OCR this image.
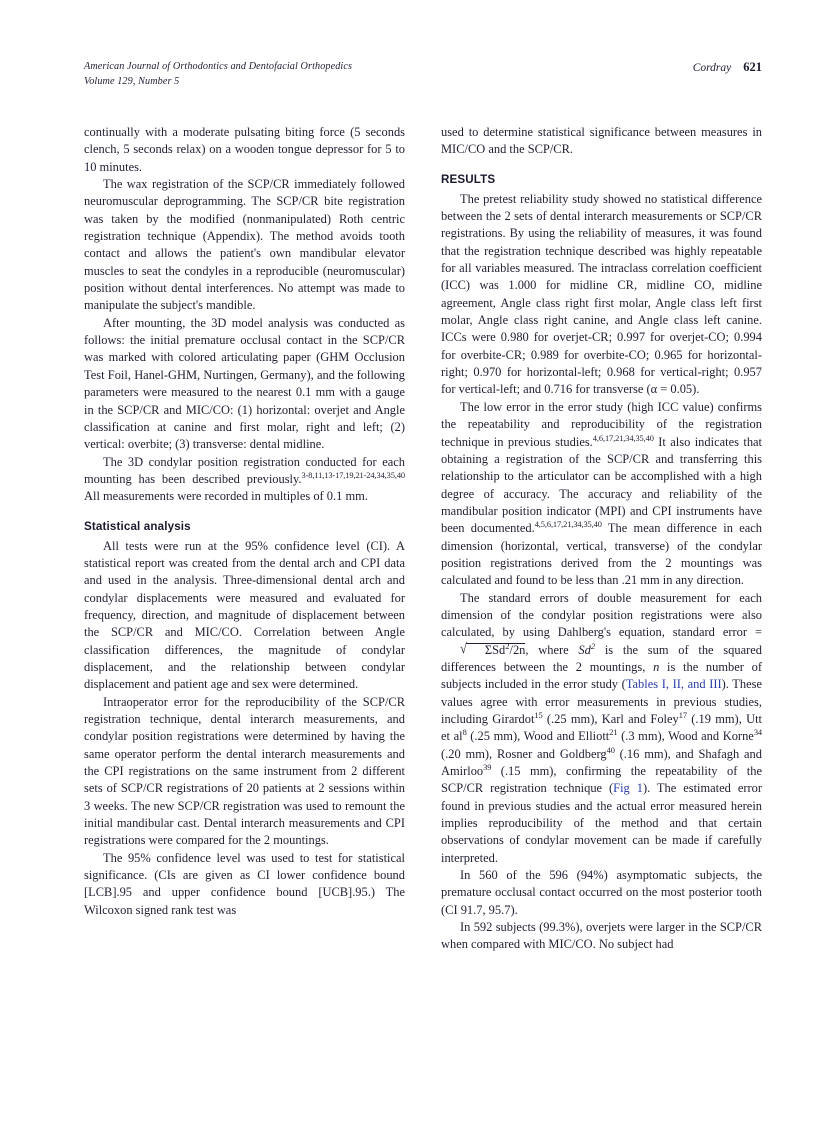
American Journal of Orthodontics and Dentofacial Orthopedics
Volume 129, Number 5
Cordray 621

continually with a moderate pulsating biting force (5 seconds clench, 5 seconds relax) on a wooden tongue depressor for 5 to 10 minutes.

The wax registration of the SCP/CR immediately followed neuromuscular deprogramming. The SCP/CR bite registration was taken by the modified (nonmanipulated) Roth centric registration technique (Appendix). The method avoids tooth contact and allows the patient's own mandibular elevator muscles to seat the condyles in a reproducible (neuromuscular) position without dental interferences. No attempt was made to manipulate the subject's mandible.

After mounting, the 3D model analysis was conducted as follows: the initial premature occlusal contact in the SCP/CR was marked with colored articulating paper (GHM Occlusion Test Foil, Hanel-GHM, Nurtingen, Germany), and the following parameters were measured to the nearest 0.1 mm with a gauge in the SCP/CR and MIC/CO: (1) horizontal: overjet and Angle classification at canine and first molar, right and left; (2) vertical: overbite; (3) transverse: dental midline.

The 3D condylar position registration conducted for each mounting has been described previously.$^{3-8,11,13-17,19,21-24,34,35,40}$ All measurements were recorded in multiples of 0.1 mm.

Statistical analysis

All tests were run at the 95% confidence level (CI). A statistical report was created from the dental arch and CPI data and used in the analysis. Three-dimensional dental arch and condylar displacements were measured and evaluated for frequency, direction, and magnitude of displacement between the SCP/CR and MIC/CO. Correlation between Angle classification differences, the magnitude of condylar displacement, and the relationship between condylar displacement and patient age and sex were determined.

Intraoperator error for the reproducibility of the SCP/CR registration technique, dental interarch measurements, and condylar position registrations were determined by having the same operator perform the dental interarch measurements and the CPI registrations on the same instrument from 2 different sets of SCP/CR registrations of 20 patients at 2 sessions within 3 weeks. The new SCP/CR registration was used to remount the initial mandibular cast. Dental interarch measurements and CPI registrations were compared for the 2 mountings.

The 95% confidence level was used to test for statistical significance. (CIs are given as CI lower confidence bound [LCB].95 and upper confidence bound [UCB].95.) The Wilcoxon signed rank test was

used to determine statistical significance between measures in MIC/CO and the SCP/CR.

RESULTS

The pretest reliability study showed no statistical difference between the 2 sets of dental interarch measurements or SCP/CR registrations. By using the reliability of measures, it was found that the registration technique described was highly repeatable for all variables measured. The intraclass correlation coefficient (ICC) was 1.000 for midline CR, midline CO, midline agreement, Angle class right first molar, Angle class left first molar, Angle class right canine, and Angle class left canine. ICCs were 0.980 for overjet-CR; 0.997 for overjet-CO; 0.994 for overbite-CR; 0.989 for overbite-CO; 0.965 for horizontal-right; 0.970 for horizontal-left; 0.968 for vertical-right; 0.957 for vertical-left; and 0.716 for transverse (α = 0.05).

The low error in the error study (high ICC value) confirms the repeatability and reproducibility of the registration technique in previous studies.$^{4,6,17,21,34,35,40}$ It also indicates that obtaining a registration of the SCP/CR and transferring this relationship to the articulator can be accomplished with a high degree of accuracy. The accuracy and reliability of the mandibular position indicator (MPI) and CPI instruments have been documented.$^{4,5,6,17,21,34,35,40}$ The mean difference in each dimension (horizontal, vertical, transverse) of the condylar position registrations derived from the 2 mountings was calculated and found to be less than .21 mm in any direction.

The standard errors of double measurement for each dimension of the condylar position registrations were also calculated, by using Dahlberg's equation, standard error = √ ΣSd$^2$/2n, where Sd$^2$ is the sum of the squared differences between the 2 mountings, n is the number of subjects included in the error study (Tables I, II, and III). These values agree with error measurements in previous studies, including Girardot$^{15}$ (.25 mm), Karl and Foley$^{17}$ (.19 mm), Utt et al$^8$ (.25 mm), Wood and Elliott$^{21}$ (.3 mm), Wood and Korne$^{34}$ (.20 mm), Rosner and Goldberg$^{40}$ (.16 mm), and Shafagh and Amirloo$^{39}$ (.15 mm), confirming the repeatability of the SCP/CR registration technique (Fig 1). The estimated error found in previous studies and the actual error measured herein implies reproducibility of the method and that certain observations of condylar movement can be made if carefully interpreted.

In 560 of the 596 (94%) asymptomatic subjects, the premature occlusal contact occurred on the most posterior tooth (CI 91.7, 95.7).

In 592 subjects (99.3%), overjets were larger in the SCP/CR when compared with MIC/CO. No subject had
